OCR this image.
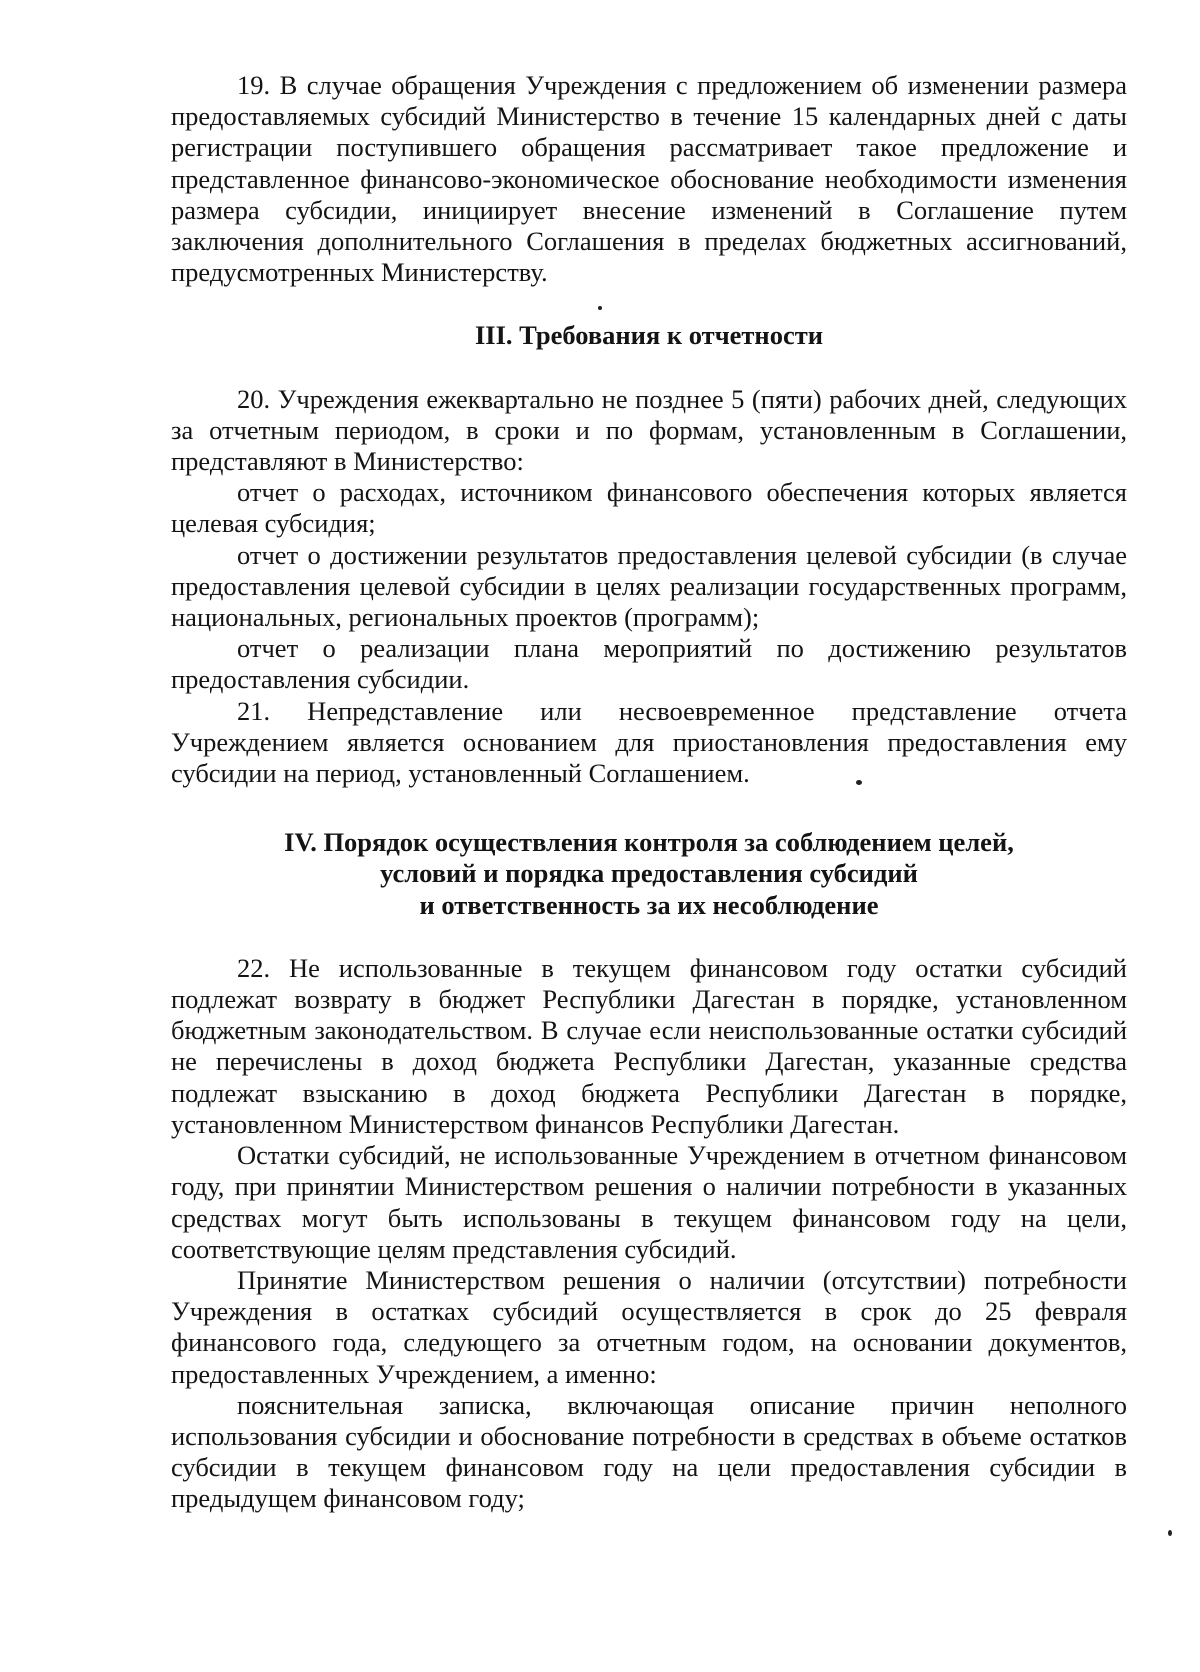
19. В случае обращения Учреждения с предложением об изменении размера предоставляемых субсидий Министерство в течение 15 календарных дней с даты регистрации поступившего обращения рассматривает такое предложение и представленное финансово-экономическое обоснование необходимости изменения размера субсидии, инициирует внесение изменений в Соглашение путем заключения дополнительного Соглашения в пределах бюджетных ассигнований, предусмотренных Министерству.

III. Требования к отчетности

20. Учреждения ежеквартально не позднее 5 (пяти) рабочих дней, следующих за отчетным периодом, в сроки и по формам, установленным в Соглашении, представляют в Министерство:

отчет о расходах, источником финансового обеспечения которых является целевая субсидия;

отчет о достижении результатов предоставления целевой субсидии (в случае предоставления целевой субсидии в целях реализации государственных программ, национальных, региональных проектов (программ);

отчет о реализации плана мероприятий по достижению результатов предоставления субсидии.

21. Непредставление или несвоевременное представление отчета Учреждением является основанием для приостановления предоставления ему субсидии на период, установленный Соглашением.

IV. Порядок осуществления контроля за соблюдением целей,
условий и порядка предоставления субсидий
и ответственность за их несоблюдение

22. Не использованные в текущем финансовом году остатки субсидий подлежат возврату в бюджет Республики Дагестан в порядке, установленном бюджетным законодательством. В случае если неиспользованные остатки субсидий не перечислены в доход бюджета Республики Дагестан, указанные средства подлежат взысканию в доход бюджета Республики Дагестан в порядке, установленном Министерством финансов Республики Дагестан.

Остатки субсидий, не использованные Учреждением в отчетном финансовом году, при принятии Министерством решения о наличии потребности в указанных средствах могут быть использованы в текущем финансовом году на цели, соответствующие целям представления субсидий.

Принятие Министерством решения о наличии (отсутствии) потребности Учреждения в остатках субсидий осуществляется в срок до 25 февраля финансового года, следующего за отчетным годом, на основании документов, предоставленных Учреждением, а именно:

пояснительная записка, включающая описание причин неполного использования субсидии и обоснование потребности в средствах в объеме остатков субсидии в текущем финансовом году на цели предоставления субсидии в предыдущем финансовом году;
